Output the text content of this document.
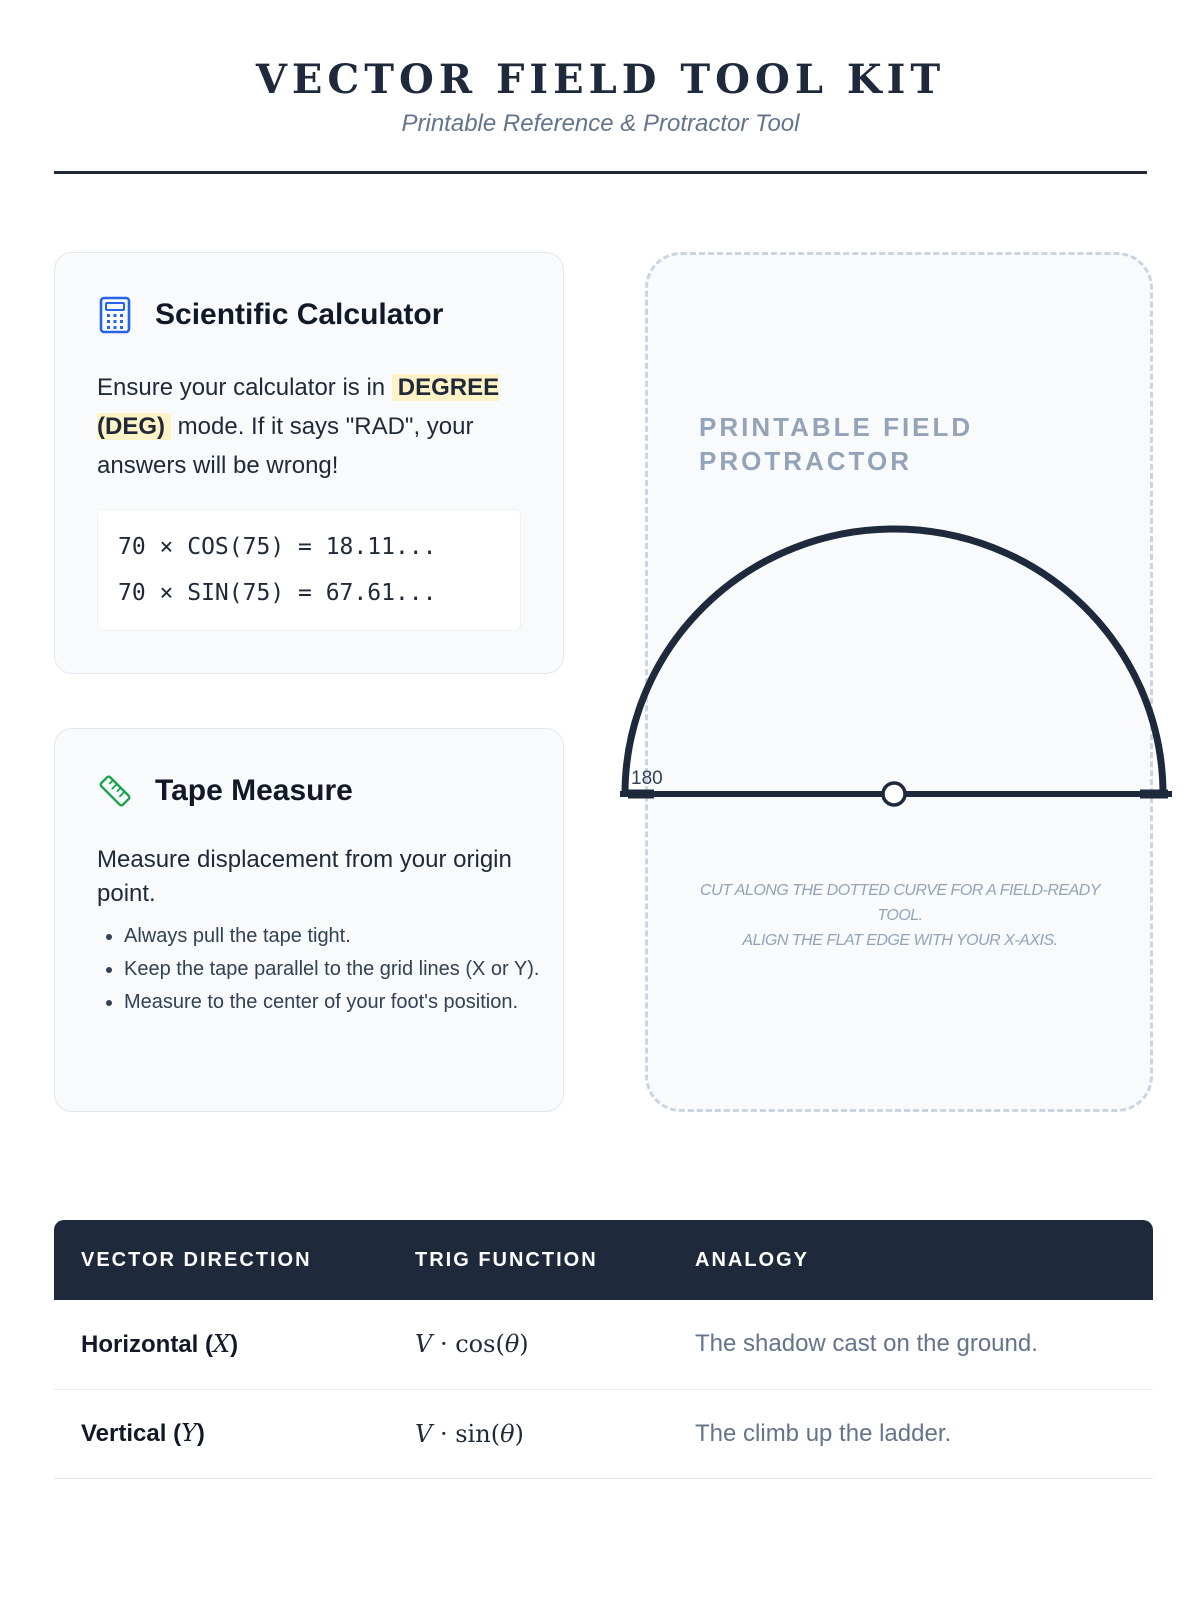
VECTOR FIELD TOOL KIT
Printable Reference & Protractor Tool
Scientific Calculator
Ensure your calculator is in DEGREE (DEG) mode. If it says "RAD", your answers will be wrong!
70 × COS(75) = 18.11...
70 × SIN(75) = 67.61...
Tape Measure
Measure displacement from your origin point.
• Always pull the tape tight.
• Keep the tape parallel to the grid lines (X or Y).
• Measure to the center of your foot's position.
PRINTABLE FIELD PROTRACTOR
180
CUT ALONG THE DOTTED CURVE FOR A FIELD-READY TOOL.
ALIGN THE FLAT EDGE WITH YOUR X-AXIS.
VECTOR DIRECTION	TRIG FUNCTION	ANALOGY
Horizontal (X)	V · cos(θ)	The shadow cast on the ground.
Vertical (Y)	V · sin(θ)	The climb up the ladder.
